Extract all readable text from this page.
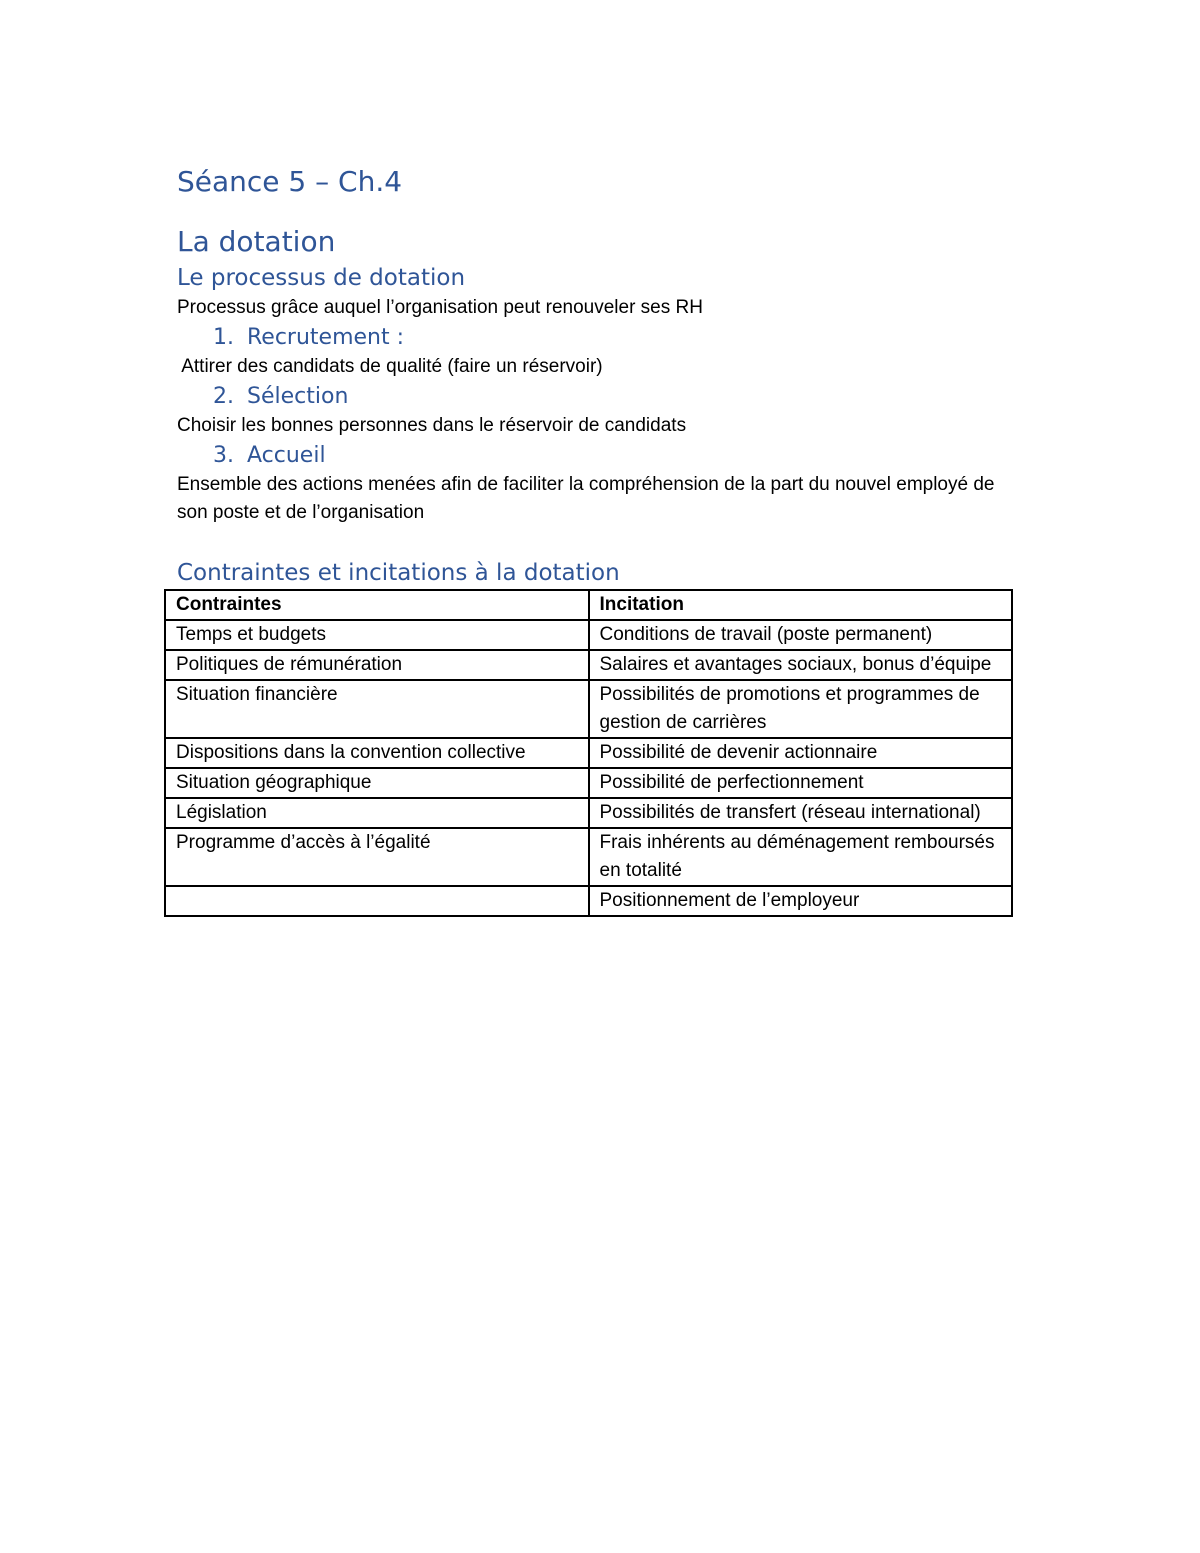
Séance 5 – Ch.4
La dotation
Le processus de dotation

Processus grâce auquel l’organisation peut renouveler ses RH

1. Recrutement :

Attirer des candidats de qualité (faire un réservoir)

2. Sélection

Choisir les bonnes personnes dans le réservoir de candidats

3. Accueil

Ensemble des actions menées afin de faciliter la compréhension de la part du nouvel employé de son poste et de l’organisation

Contraintes et incitations à la dotation
Contraintes	Incitation
Temps et budgets	Conditions de travail (poste permanent)
Politiques de rémunération	Salaires et avantages sociaux, bonus d’équipe
Situation financière	Possibilités de promotions et programmes de gestion de carrières
Dispositions dans la convention collective	Possibilité de devenir actionnaire
Situation géographique	Possibilité de perfectionnement
Législation	Possibilités de transfert (réseau international)
Programme d’accès à l’égalité	Frais inhérents au déménagement remboursés en totalité
	Positionnement de l’employeur
